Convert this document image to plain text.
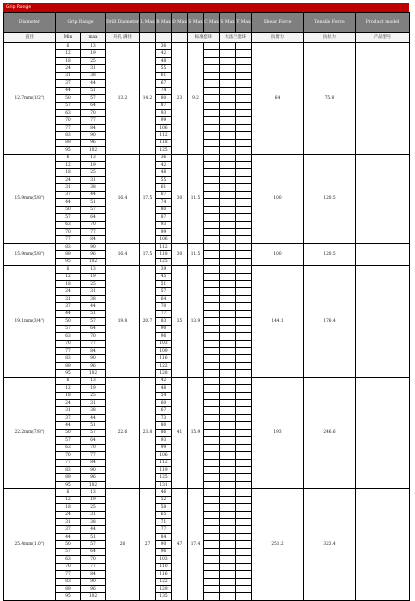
Grip Range
Diameter	Grip Range		Drill Diameter	L Max	B Max	D Max	S Max	C Max	S Max	T Max	Shear Force	Tensile Force	Product model
直径	Min	max	开孔 满径				标准套环		大法兰套环		抗剪力	抗拉力	产品型号
12.7mm(1/2")	6	13	13.2	14.2	36	23	9.2				64	75.8	
	12	19			42								
	18	25			48								
	24	31			55								
	31	38			61								
	37	44			67								
	44	51			74								
	50	57			80								
	57	64			87								
	63	70			93								
	70	77			99								
	77	84			106								
	83	90			112								
	89	96			118								
	95	102			125								
15.9mm(5/8")	6	13	16.4	17.5	36	30	11.5				100	120.5	
	12	19			42								
	18	25			48								
	24	31			55								
	31	38			61								
	37	44			67								
	44	51			74								
	50	57			80								
	57	64			87								
	63	70			93								
	70	77			99								
	77	84			106								
15.9mm(5/8")	83	90	16.4	17.5	112	30	11.5				100	120.5	
	89	96			118								
	95	102			125								
19.1mm(3/4")	6	13	19.8	20.7	39	35	13.9				144.1	176.4	
	12	19			45								
	18	25			51								
	24	31			57								
	31	38			64								
	37	44			70								
	44	51			77								
	50	57			83								
	57	64			90								
	63	70			96								
	70	77			103								
	77	84			109								
	83	90			116								
	89	96			122								
	95	102			128								
22.2mm(7/8")	6	13	22.6	23.8	42	41	15.9				193	246.6	
	12	19			48								
	18	25			54								
	24	31			60								
	31	38			67								
	37	44			73								
	44	51			80								
	50	57			86								
	57	64			93								
	63	70			99								
	70	77			106								
	77	84			112								
	83	90			119								
	89	96			125								
	95	102			131								
25.4mm(1.0")	6	13	26	27	46	47	17.4				251.2	323.4	
	12	19			52								
	18	25			58								
	24	31			65								
	31	38			71								
	37	44			77								
	44	51			84								
	50	57			90								
	57	64			96								
	63	70			103								
	70	77			110								
	77	84			116								
	83	90			122								
	89	96			129								
	95	102			135								
